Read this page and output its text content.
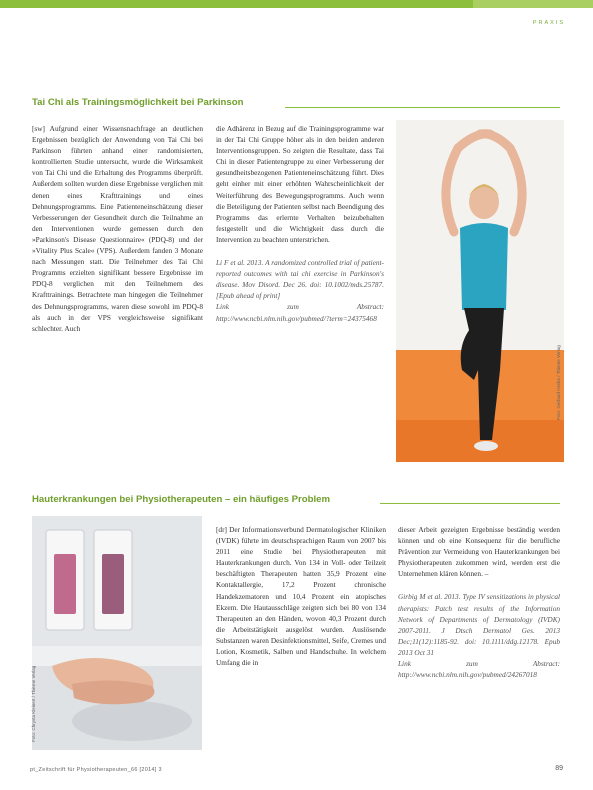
PRAXIS
Tai Chi als Trainingsmöglichkeit bei Parkinson

[sw] Aufgrund einer Wissensnachfrage an deutlichen Ergebnissen bezüglich der Anwendung von Tai Chi bei Parkinson führten anhand einer randomisierten, kontrollierten Studie untersucht, wurde die Wirksamkeit von Tai Chi und die Erhaltung des Programms überprüft. Außerdem sollten wurden diese Ergebnisse verglichen mit denen eines Krafttrainings und eines Dehnungsprogramms. Eine Patienteneinschätzung dieser Verbesserungen der Gesundheit durch die Teilnahme an den Interventionen wurde gemessen durch den »Parkinson's Disease Questionnaire« (PDQ-8) und der »Vitality Plus Scale« (VPS). Außerdem fanden 3 Monate nach Messungen statt. Die Teilnehmer des Tai Chi Programms erzielten signifikant bessere Ergebnisse im PDQ-8 verglichen mit den Teilnehmern des Krafttrainings. Betrachtete man hingegen die Teilnehmer des Dehnungsprogramms, waren diese sowohl im PDQ-8 als auch in der VPS vergleichsweise signifikant schlechter. Auch

die Adhärenz in Bezug auf die Trainingsprogramme war in der Tai Chi Gruppe höher als in den beiden anderen Interventionsgruppen. So zeigten die Resultate, dass Tai Chi in dieser Patientengruppe zu einer Verbesserung der gesundheitsbezogenen Patienteneinschätzung führt. Dies geht einher mit einer erhöhten Wahrscheinlichkeit der Weiterführung des Bewegungsprogramms. Auch wenn die Beteiligung der Patienten selbst nach Beendigung des Programms das erlernte Verhalten beizubehalten festgestellt und die Wichtigkeit dass durch die Intervention zu beachten unterstrichen.

Li F et al. 2013. A randomized controlled trial of patient-reported outcomes with tai chi exercise in Parkinson's disease. Mov Disord. Dec 26. doi: 10.1002/mds.25787. [Epub ahead of print]

Link zum Abstract: http://www.ncbi.nlm.nih.gov/pubmed/?term=24375468

Foto: Gerhard Hecke / Thieme Verlag
Hauterkrankungen bei Physiotherapeuten – ein häufiges Problem
Foto: Chrysta Kleinert / Thieme Verlag

[dr] Der Informationsverbund Dermatologischer Kliniken (IVDK) führte im deutschsprachigen Raum von 2007 bis 2011 eine Studie bei Physiotherapeuten mit Hauterkrankungen durch. Von 134 in Voll- oder Teilzeit beschäftigten Therapeuten hatten 35,9 Prozent eine Kontaktallergie, 17,2 Prozent chronische Handekzematoren und 10,4 Prozent ein atopisches Ekzem. Die Hautausschläge zeigten sich bei 80 von 134 Therapeuten an den Händen, wovon 40,3 Prozent durch die Arbeitstätigkeit ausgelöst wurden. Auslösende Substanzen waren Desinfektionsmittel, Seife, Cremes und Lotion, Kosmetik, Salben und Handschuhe. In welchem Umfang die in

dieser Arbeit gezeigten Ergebnisse beständig werden können und ob eine Konsequenz für die berufliche Prävention zur Vermeidung von Hauterkrankungen bei Physiotherapeuten zukommen wird, werden erst die Unternehmen klären können. –

Girbig M et al. 2013. Type IV sensitizations in physical therapists: Patch test results of the Information Network of Departments of Dermatology (IVDK) 2007-2011. J Dtsch Dermatol Ges. 2013 Dec;11(12):1185-92. doi: 10.1111/ddg.12178. Epub 2013 Oct 31

Link zum Abstract: http://www.ncbi.nlm.nih.gov/pubmed/24267018

pt_Zeitschrift für Physiotherapeuten_66 [2014] 3	89
